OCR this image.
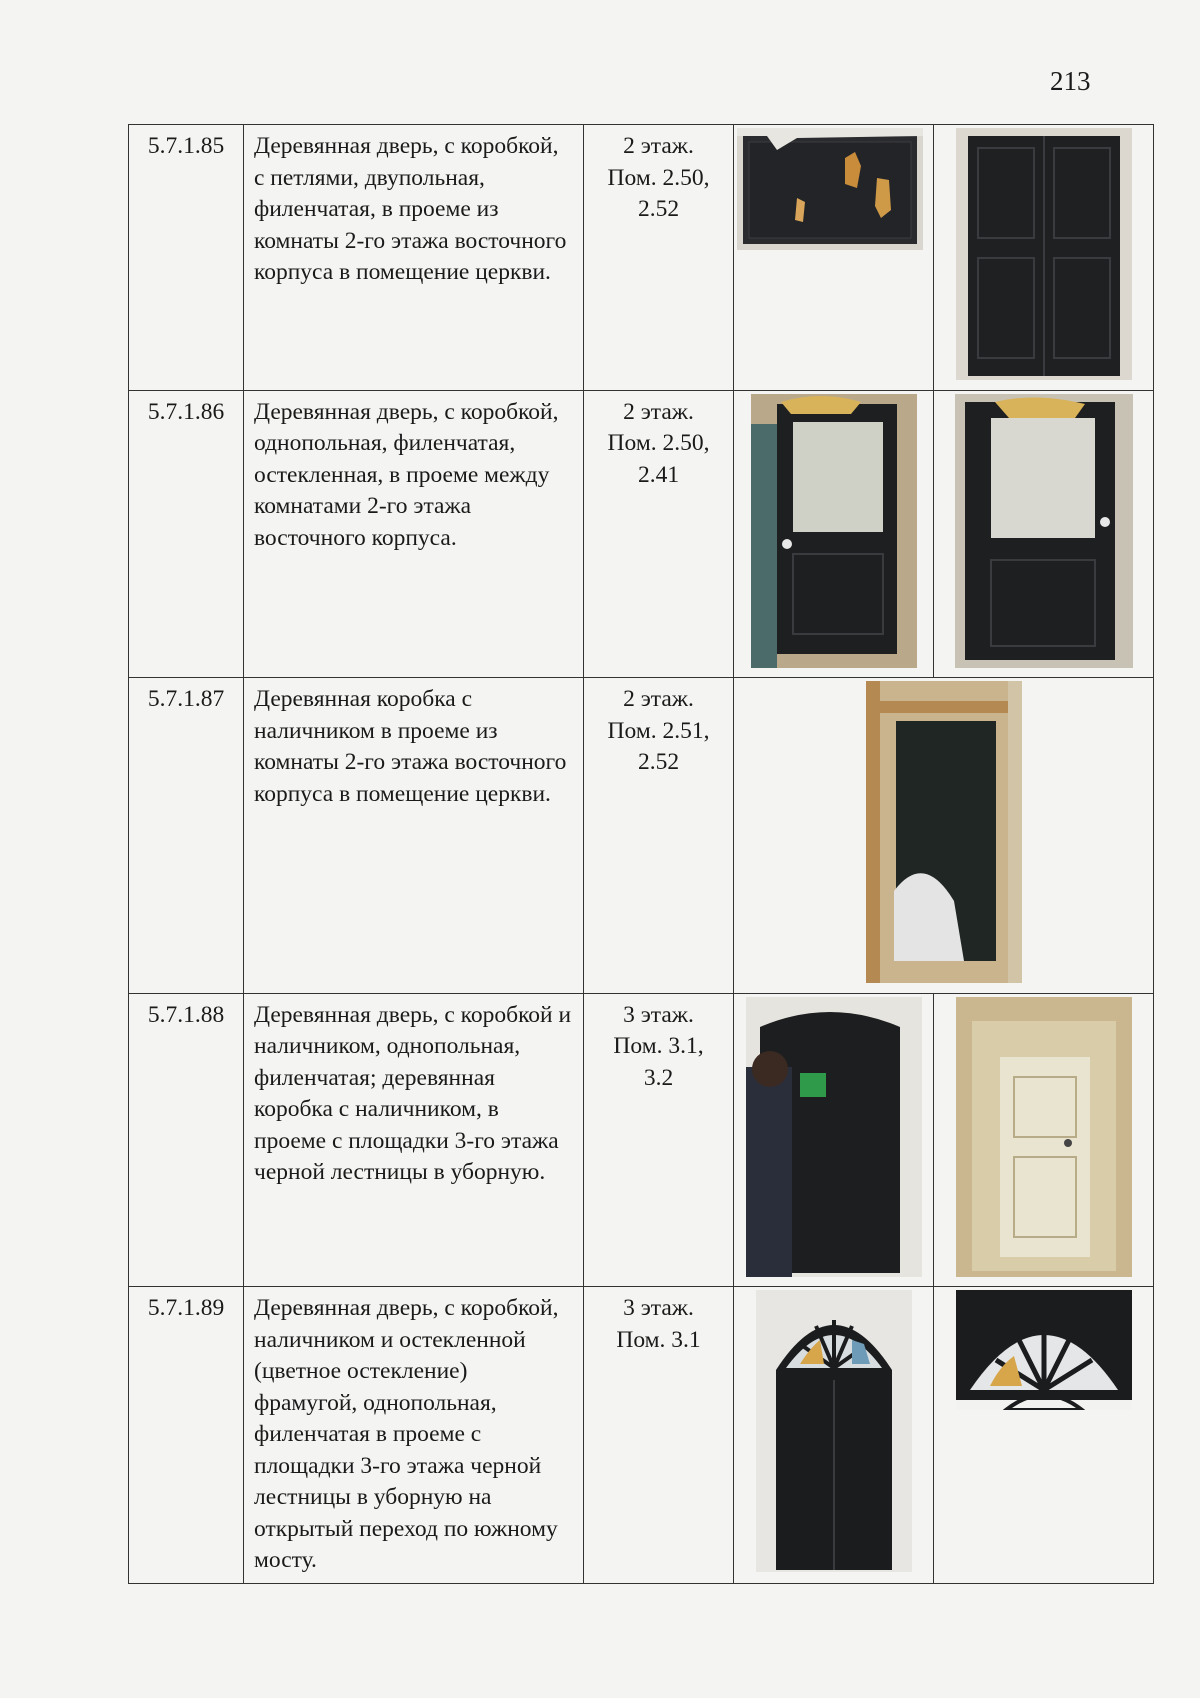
213
5.7.1.85	Деревянная дверь, с коробкой, с петлями, двупольная, филенчатая, в проеме из комнаты 2-го этажа восточного корпуса в помещение церкви.	2 этаж.
Пом. 2.50,
2.52

5.7.1.86	Деревянная дверь, с коробкой, однопольная, филенчатая, остекленная, в проеме между комнатами 2-го этажа восточного корпуса.	2 этаж.
Пом. 2.50,
2.41

5.7.1.87	Деревянная коробка с наличником в проеме из комнаты 2-го этажа восточного корпуса в помещение церкви.	2 этаж.
Пом. 2.51,
2.52

5.7.1.88	Деревянная дверь, с коробкой и наличником, однопольная, филенчатая; деревянная коробка с наличником, в проеме с площадки 3-го этажа черной лестницы в уборную.	3 этаж.
Пом. 3.1,
3.2

5.7.1.89	Деревянная дверь, с коробкой, наличником и остекленной (цветное остекление) фрамугой, однопольная, филенчатая в проеме с площадки 3-го этажа черной лестницы в уборную на открытый переход по южному мосту.	3 этаж.
Пом. 3.1
